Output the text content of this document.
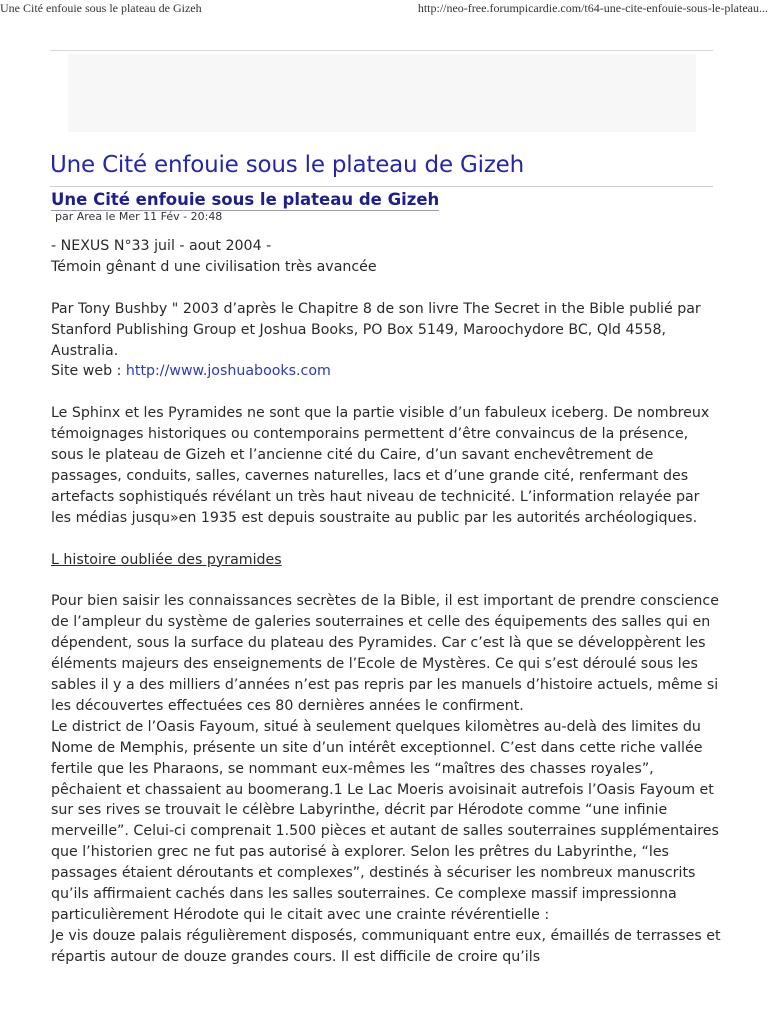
Une Cité enfouie sous le plateau de Gizeh	http://neo-free.forumpicardie.com/t64-une-cite-enfouie-sous-le-plateau...
Une Cité enfouie sous le plateau de Gizeh
Une Cité enfouie sous le plateau de Gizeh
par Area le Mer 11 Fév - 20:48

- NEXUS N°33 juil - aout 2004 -
Témoin gênant d une civilisation très avancée

Par Tony Bushby " 2003 d’après le Chapitre 8 de son livre The Secret in the Bible publié par Stanford Publishing Group et Joshua Books, PO Box 5149, Maroochydore BC, Qld 4558, Australia.
Site web : http://www.joshuabooks.com

Le Sphinx et les Pyramides ne sont que la partie visible d’un fabuleux iceberg. De nombreux témoignages historiques ou contemporains permettent d’être convaincus de la présence, sous le plateau de Gizeh et l’ancienne cité du Caire, d’un savant enchevêtrement de passages, conduits, salles, cavernes naturelles, lacs et d’une grande cité, renfermant des artefacts sophistiqués révélant un très haut niveau de technicité. L’information relayée par les médias jusqu»en 1935 est depuis soustraite au public par les autorités archéologiques.

L histoire oubliée des pyramides

Pour bien saisir les connaissances secrètes de la Bible, il est important de prendre conscience de l’ampleur du système de galeries souterraines et celle des équipements des salles qui en dépendent, sous la surface du plateau des Pyramides. Car c’est là que se développèrent les éléments majeurs des enseignements de l’Ecole de Mystères. Ce qui s’est déroulé sous les sables il y a des milliers d’années n’est pas repris par les manuels d’histoire actuels, même si les découvertes effectuées ces 80 dernières années le confirment.

Le district de l’Oasis Fayoum, situé à seulement quelques kilomètres au-delà des limites du Nome de Memphis, présente un site d’un intérêt exceptionnel. C’est dans cette riche vallée fertile que les Pharaons, se nommant eux-mêmes les “maîtres des chasses royales”, pêchaient et chassaient au boomerang.1 Le Lac Moeris avoisinait autrefois l’Oasis Fayoum et sur ses rives se trouvait le célèbre Labyrinthe, décrit par Hérodote comme “une infinie merveille”. Celui-ci comprenait 1.500 pièces et autant de salles souterraines supplémentaires que l’historien grec ne fut pas autorisé à explorer. Selon les prêtres du Labyrinthe, “les passages étaient déroutants et complexes”, destinés à sécuriser les nombreux manuscrits qu’ils affirmaient cachés dans les salles souterraines. Ce complexe massif impressionna particulièrement Hérodote qui le citait avec une crainte révérentielle :

Je vis douze palais régulièrement disposés, communiquant entre eux, émaillés de terrasses et répartis autour de douze grandes cours. Il est difficile de croire qu’ils
